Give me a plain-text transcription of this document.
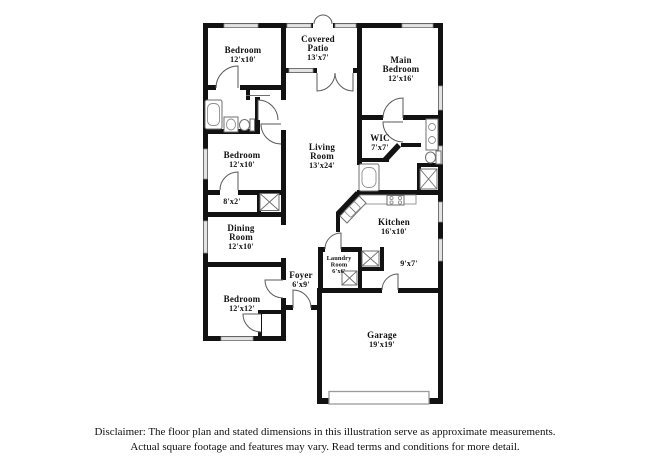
Bedroom
12'x10'
Covered
Patio
13'x7'	Main
Bedroom
12'x16'
WIC
7'x7'
Living
Room
13'x24'
Bedroom
12'x10'
8'x2'
Dining
Room
12'x10'
Kitchen
16'x10'
Laundry
Room
6'x6'
9'x7'
Foyer
6'x9'
Bedroom
12'x12'
Garage
19'x19'
Disclaimer: The floor plan and stated dimensions in this illustration serve as approximate measurements.
Actual square footage and features may vary. Read terms and conditions for more detail.
